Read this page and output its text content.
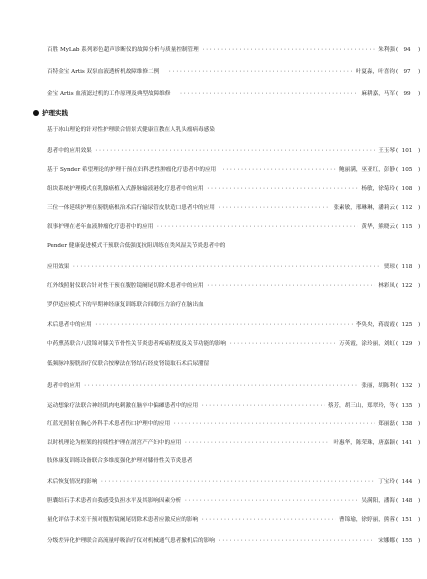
百胜 MyLab 系列彩色超声诊断仪的故障分析与质量控制管理 ·····	朱利强 ( 94	)
百特金宝 Artis 双泵血液透析机故障维修二例 ·····	叶夏淼，叶喜钧 ( 97	)
金宝 Artis 血液滤过机的工作原理及典型故障维修 ·····	麻耕嘉，马军 ( 99	)
护理实践
基于冰山理论的针对性护理联合情景式健康宣教在人乳头瘤病毒感染
患者中的应用效果 ·····	王玉琴 ( 101 )
基于 Synder 希望理论的护理干预在妇科恶性肿瘤化疗患者中的应用 ·····	鲍丽满，巫亚红，彭静 ( 105 )
组块系统护理模式在乳腺癌植入式静脉输液港化疗患者中的应用 ·····	杨敏，徐菊玲 ( 108 )
三位一体延续护理在膀胱癌根治术后行输尿管皮肤造口患者中的应用 ·····	张素敏，邢琳琳，潘莉云 ( 112 )
叙事护理在老年血液肿瘤化疗患者中的应用 ·····	黄华，熊晓云 ( 115 )
Pender 健康促进模式干预联合低强度抗阻训练在类风湿关节炎患者中的
应用效果 ·····	贾琼 ( 118 )
红外线照射仪联合针对性干预在腹腔镜阑尾切除术患者中的应用 ·····	林彩凤 ( 122 )
罗伊适应模式下的早期神经康复训练联合间歇压力治疗在脑出血
术后患者中的应用 ·····	李奂央，蒋震霞 ( 125 )
中药熏蒸联合八段锦对膝关节骨性关节炎患者疼痛程度及关节功能的影响 ·····	万英霞，涂玲丽，刘虹 ( 129 )
低频脉冲膀胱治疗仪联合按摩法在肾结石经皮肾镜取石术后尿潴留
患者中的应用 ·····	张丽，胡陈利 ( 132 )
运动想象疗法联合神经肌肉电刺激在脑卒中偏瘫患者中的应用 ·····	蔡芳，胡三山，郑翠玲，等 ( 135 )
红蓝光照射在胸心外科手术患者伤口护理中的应用 ·····	郑丽磊 ( 138 )
以时机理论为框架的持续性护理在剖宫产产妇中的应用 ·····	叶惠华，陈荣珠，唐嘉颖 ( 141 )
肢体康复训练设备联合多维度强化护理对膝骨性关节炎患者
术后恢复情况的影响 ·····	丁宝玲 ( 144 )
胆囊结石手术患者自我感受负担水平及其影响因素分析 ·····	吴满阳，潘海 ( 148 )
量化评估手术室干预对腹腔镜阑尾切除术患者应激反应的影响 ·····	曹锦瑜，徐婷丽，熊蓉 ( 151 )
分级差异化护理联合高流量呼吸治疗仪对机械通气患者撤机后的影响 ·····	宋娜娜 ( 155 )
